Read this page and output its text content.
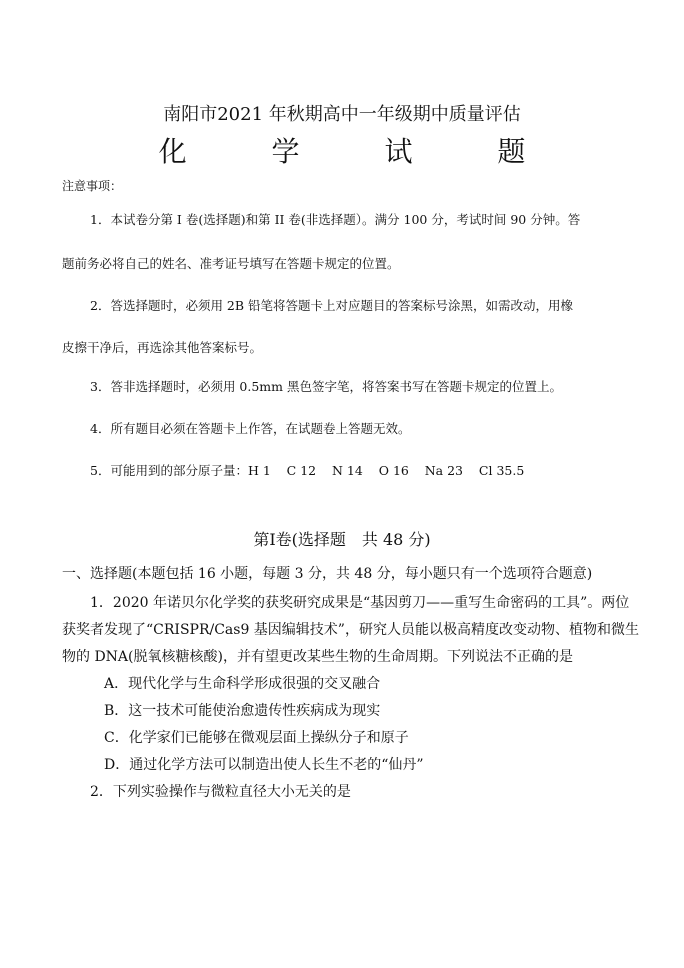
南阳市2021 年秋期高中一年级期中质量评估
化 学 试 题
注意事项：
1．本试卷分第 I 卷(选择题)和第 II 卷(非选择题）。满分 100 分，考试时间 90 分钟。答
题前务必将自己的姓名、准考证号填写在答题卡规定的位置。
2．答选择题时，必须用 2B 铅笔将答题卡上对应题目的答案标号涂黑，如需改动，用橡
皮擦干净后，再选涂其他答案标号。
3．答非选择题时，必须用 0.5mm 黑色签字笔，将答案书写在答题卡规定的位置上。
4．所有题目必须在答题卡上作答，在试题卷上答题无效。
5．可能用到的部分原子量：H 1    C 12    N 14    O 16    Na 23    Cl 35.5
第Ⅰ卷(选择题　共 48 分)
一、选择题(本题包括 16 小题，每题 3 分，共 48 分，每小题只有一个选项符合题意)
1．2020 年诺贝尔化学奖的获奖研究成果是“基因剪刀——重写生命密码的工具”。两位
获奖者发现了“CRISPR/Cas9 基因编辑技术”，研究人员能以极高精度改变动物、植物和微生
物的 DNA(脱氧核糖核酸)，并有望更改某些生物的生命周期。下列说法不正确的是
A．现代化学与生命科学形成很强的交叉融合
B．这一技术可能使治愈遗传性疾病成为现实
C．化学家们已能够在微观层面上操纵分子和原子
D．通过化学方法可以制造出使人长生不老的“仙丹”
2．下列实验操作与微粒直径大小无关的是
